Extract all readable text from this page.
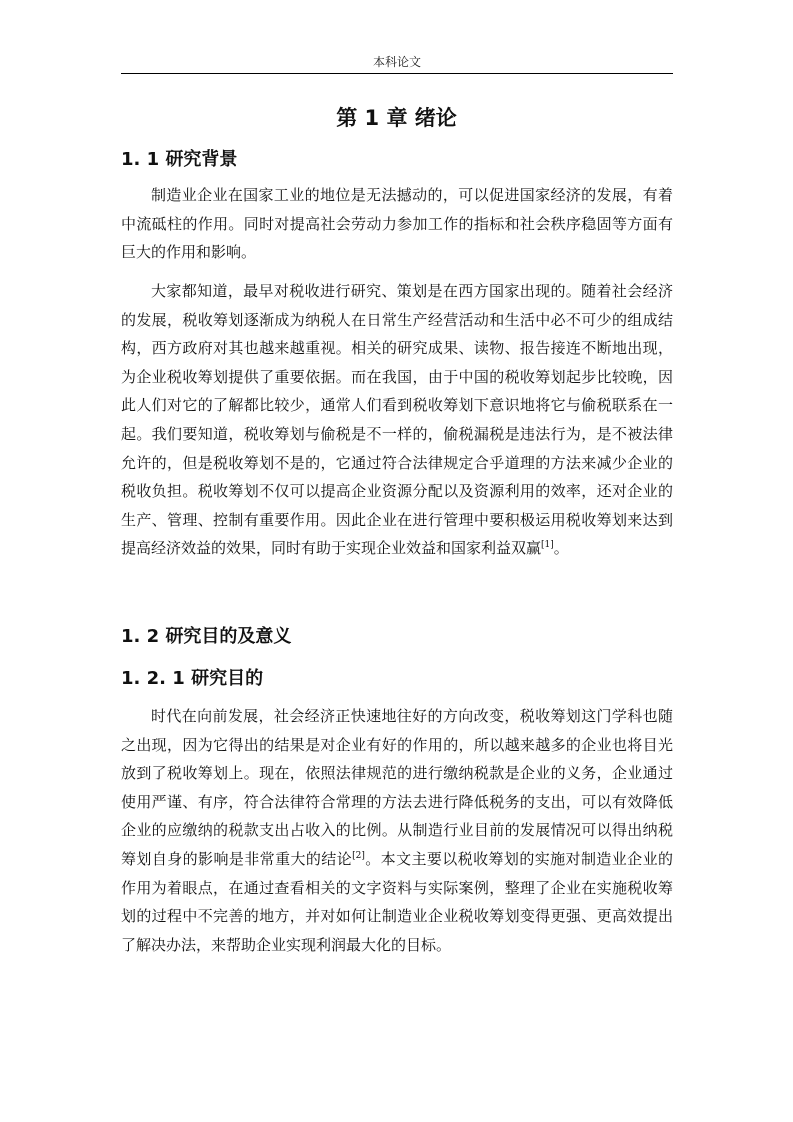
本科论文
第 1 章 绪论
1. 1 研究背景

制造业企业在国家工业的地位是无法撼动的，可以促进国家经济的发展，有着中流砥柱的作用。同时对提高社会劳动力参加工作的指标和社会秩序稳固等方面有巨大的作用和影响。

大家都知道，最早对税收进行研究、策划是在西方国家出现的。随着社会经济的发展，税收筹划逐渐成为纳税人在日常生产经营活动和生活中必不可少的组成结构，西方政府对其也越来越重视。相关的研究成果、读物、报告接连不断地出现，为企业税收筹划提供了重要依据。而在我国，由于中国的税收筹划起步比较晚，因此人们对它的了解都比较少，通常人们看到税收筹划下意识地将它与偷税联系在一起。我们要知道，税收筹划与偷税是不一样的，偷税漏税是违法行为，是不被法律允许的，但是税收筹划不是的，它通过符合法律规定合乎道理的方法来减少企业的税收负担。税收筹划不仅可以提高企业资源分配以及资源利用的效率，还对企业的生产、管理、控制有重要作用。因此企业在进行管理中要积极运用税收筹划来达到提高经济效益的效果，同时有助于实现企业效益和国家利益双赢[1]。

1. 2 研究目的及意义
1. 2. 1 研究目的

时代在向前发展，社会经济正快速地往好的方向改变，税收筹划这门学科也随之出现，因为它得出的结果是对企业有好的作用的，所以越来越多的企业也将目光放到了税收筹划上。现在，依照法律规范的进行缴纳税款是企业的义务，企业通过使用严谨、有序，符合法律符合常理的方法去进行降低税务的支出，可以有效降低企业的应缴纳的税款支出占收入的比例。从制造行业目前的发展情况可以得出纳税筹划自身的影响是非常重大的结论[2]。本文主要以税收筹划的实施对制造业企业的作用为着眼点，在通过查看相关的文字资料与实际案例，整理了企业在实施税收筹划的过程中不完善的地方，并对如何让制造业企业税收筹划变得更强、更高效提出了解决办法，来帮助企业实现利润最大化的目标。
